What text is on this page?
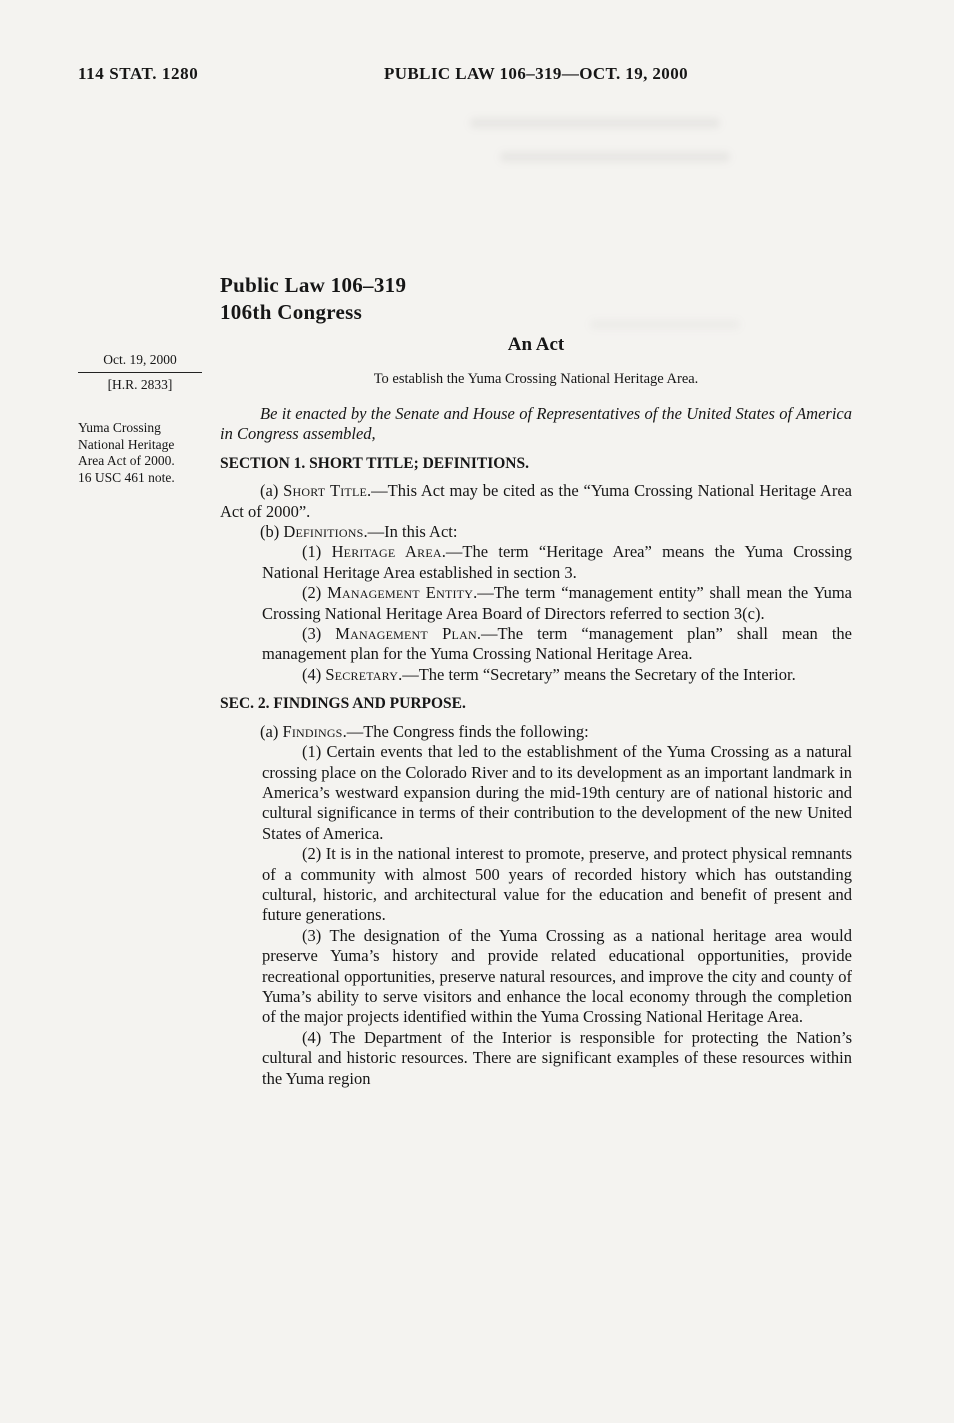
114 STAT. 1280	PUBLIC LAW 106–319—OCT. 19, 2000
Oct. 19, 2000
[H.R. 2833]
Yuma Crossing National Heritage Area Act of 2000.
16 USC 461 note.
Public Law 106–319
106th Congress
An Act
To establish the Yuma Crossing National Heritage Area.

Be it enacted by the Senate and House of Representatives of the United States of America in Congress assembled,

SECTION 1. SHORT TITLE; DEFINITIONS.

(a) Short Title.—This Act may be cited as the “Yuma Crossing National Heritage Area Act of 2000”.

(b) Definitions.—In this Act:

(1) Heritage Area.—The term “Heritage Area” means the Yuma Crossing National Heritage Area established in section 3.

(2) Management Entity.—The term “management entity” shall mean the Yuma Crossing National Heritage Area Board of Directors referred to section 3(c).

(3) Management Plan.—The term “management plan” shall mean the management plan for the Yuma Crossing National Heritage Area.

(4) Secretary.—The term “Secretary” means the Secretary of the Interior.

SEC. 2. FINDINGS AND PURPOSE.

(a) Findings.—The Congress finds the following:

(1) Certain events that led to the establishment of the Yuma Crossing as a natural crossing place on the Colorado River and to its development as an important landmark in America’s westward expansion during the mid-19th century are of national historic and cultural significance in terms of their contribution to the development of the new United States of America.

(2) It is in the national interest to promote, preserve, and protect physical remnants of a community with almost 500 years of recorded history which has outstanding cultural, historic, and architectural value for the education and benefit of present and future generations.

(3) The designation of the Yuma Crossing as a national heritage area would preserve Yuma’s history and provide related educational opportunities, provide recreational opportunities, preserve natural resources, and improve the city and county of Yuma’s ability to serve visitors and enhance the local economy through the completion of the major projects identified within the Yuma Crossing National Heritage Area.

(4) The Department of the Interior is responsible for protecting the Nation’s cultural and historic resources. There are significant examples of these resources within the Yuma region
